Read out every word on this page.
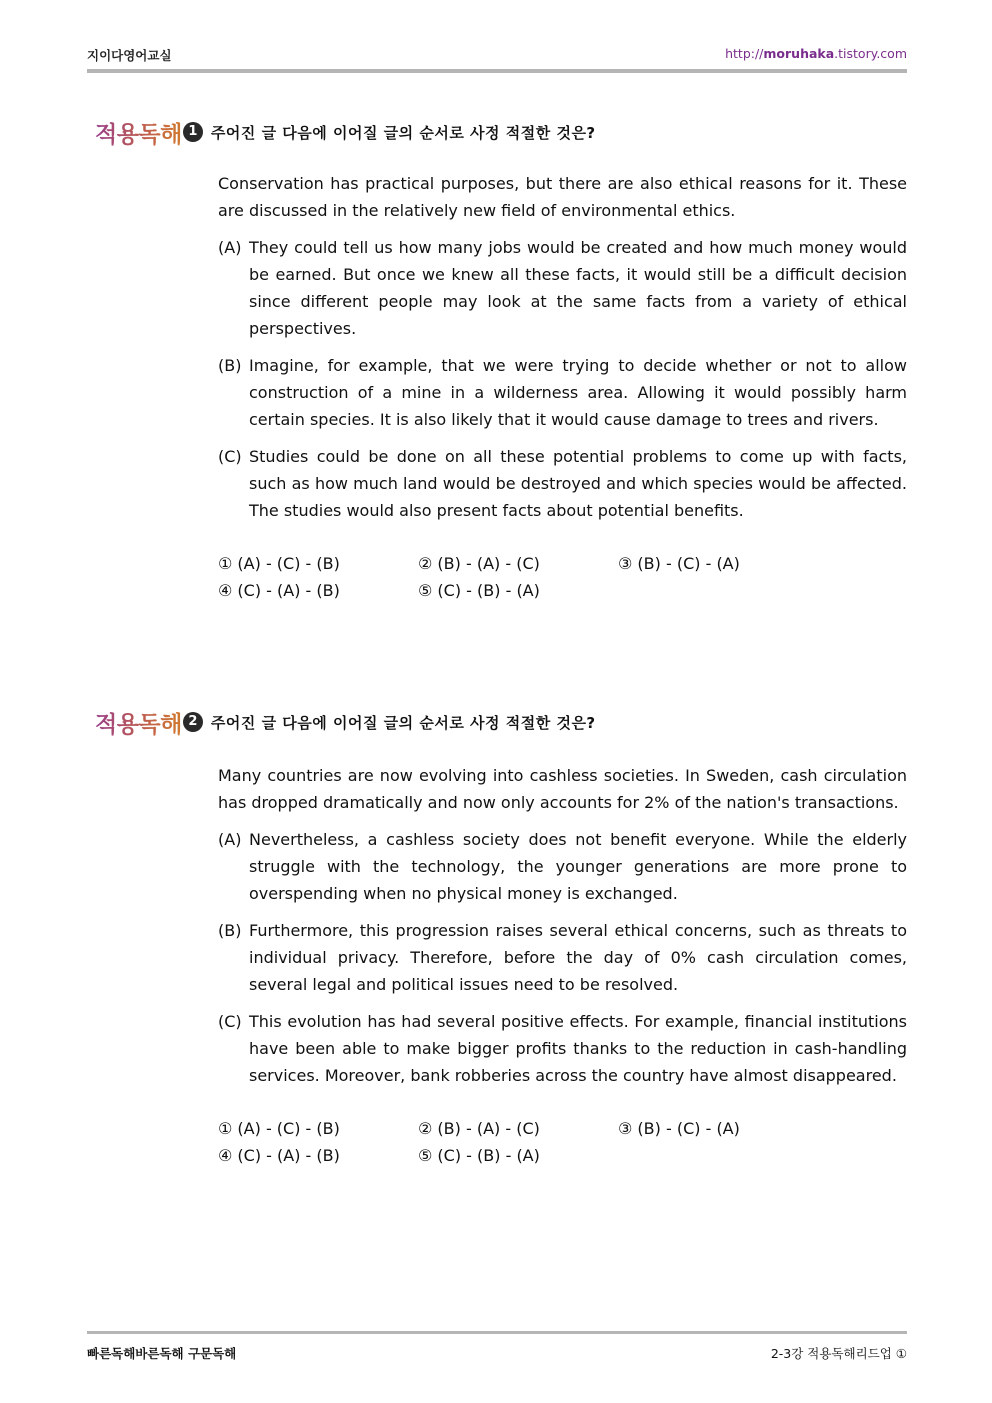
지이다영어교실	http://moruhaka.tistory.com
적용독해 1 주어진 글 다음에 이어질 글의 순서로 사정 적절한 것은?

Conservation has practical purposes, but there are also ethical reasons for it. These are discussed in the relatively new field of environmental ethics.

(A) They could tell us how many jobs would be created and how much money would be earned. But once we knew all these facts, it would still be a difficult decision since different people may look at the same facts from a variety of ethical perspectives.
(B) Imagine, for example, that we were trying to decide whether or not to allow construction of a mine in a wilderness area. Allowing it would possibly harm certain species. It is also likely that it would cause damage to trees and rivers.
(C) Studies could be done on all these potential problems to come up with facts, such as how much land would be destroyed and which species would be affected. The studies would also present facts about potential benefits.
① (A) - (C) - (B)	② (B) - (A) - (C)	③ (B) - (C) - (A)
④ (C) - (A) - (B)	⑤ (C) - (B) - (A)
적용독해 2 주어진 글 다음에 이어질 글의 순서로 사정 적절한 것은?

Many countries are now evolving into cashless societies. In Sweden, cash circulation has dropped dramatically and now only accounts for 2% of the nation's transactions.

(A) Nevertheless, a cashless society does not benefit everyone. While the elderly struggle with the technology, the younger generations are more prone to overspending when no physical money is exchanged.
(B) Furthermore, this progression raises several ethical concerns, such as threats to individual privacy. Therefore, before the day of 0% cash circulation comes, several legal and political issues need to be resolved.
(C) This evolution has had several positive effects. For example, financial institutions have been able to make bigger profits thanks to the reduction in cash-handling services. Moreover, bank robberies across the country have almost disappeared.
① (A) - (C) - (B)	② (B) - (A) - (C)	③ (B) - (C) - (A)
④ (C) - (A) - (B)	⑤ (C) - (B) - (A)
빠른독해바른독해 구문독해	2-3강 적용독해리드업 ①
